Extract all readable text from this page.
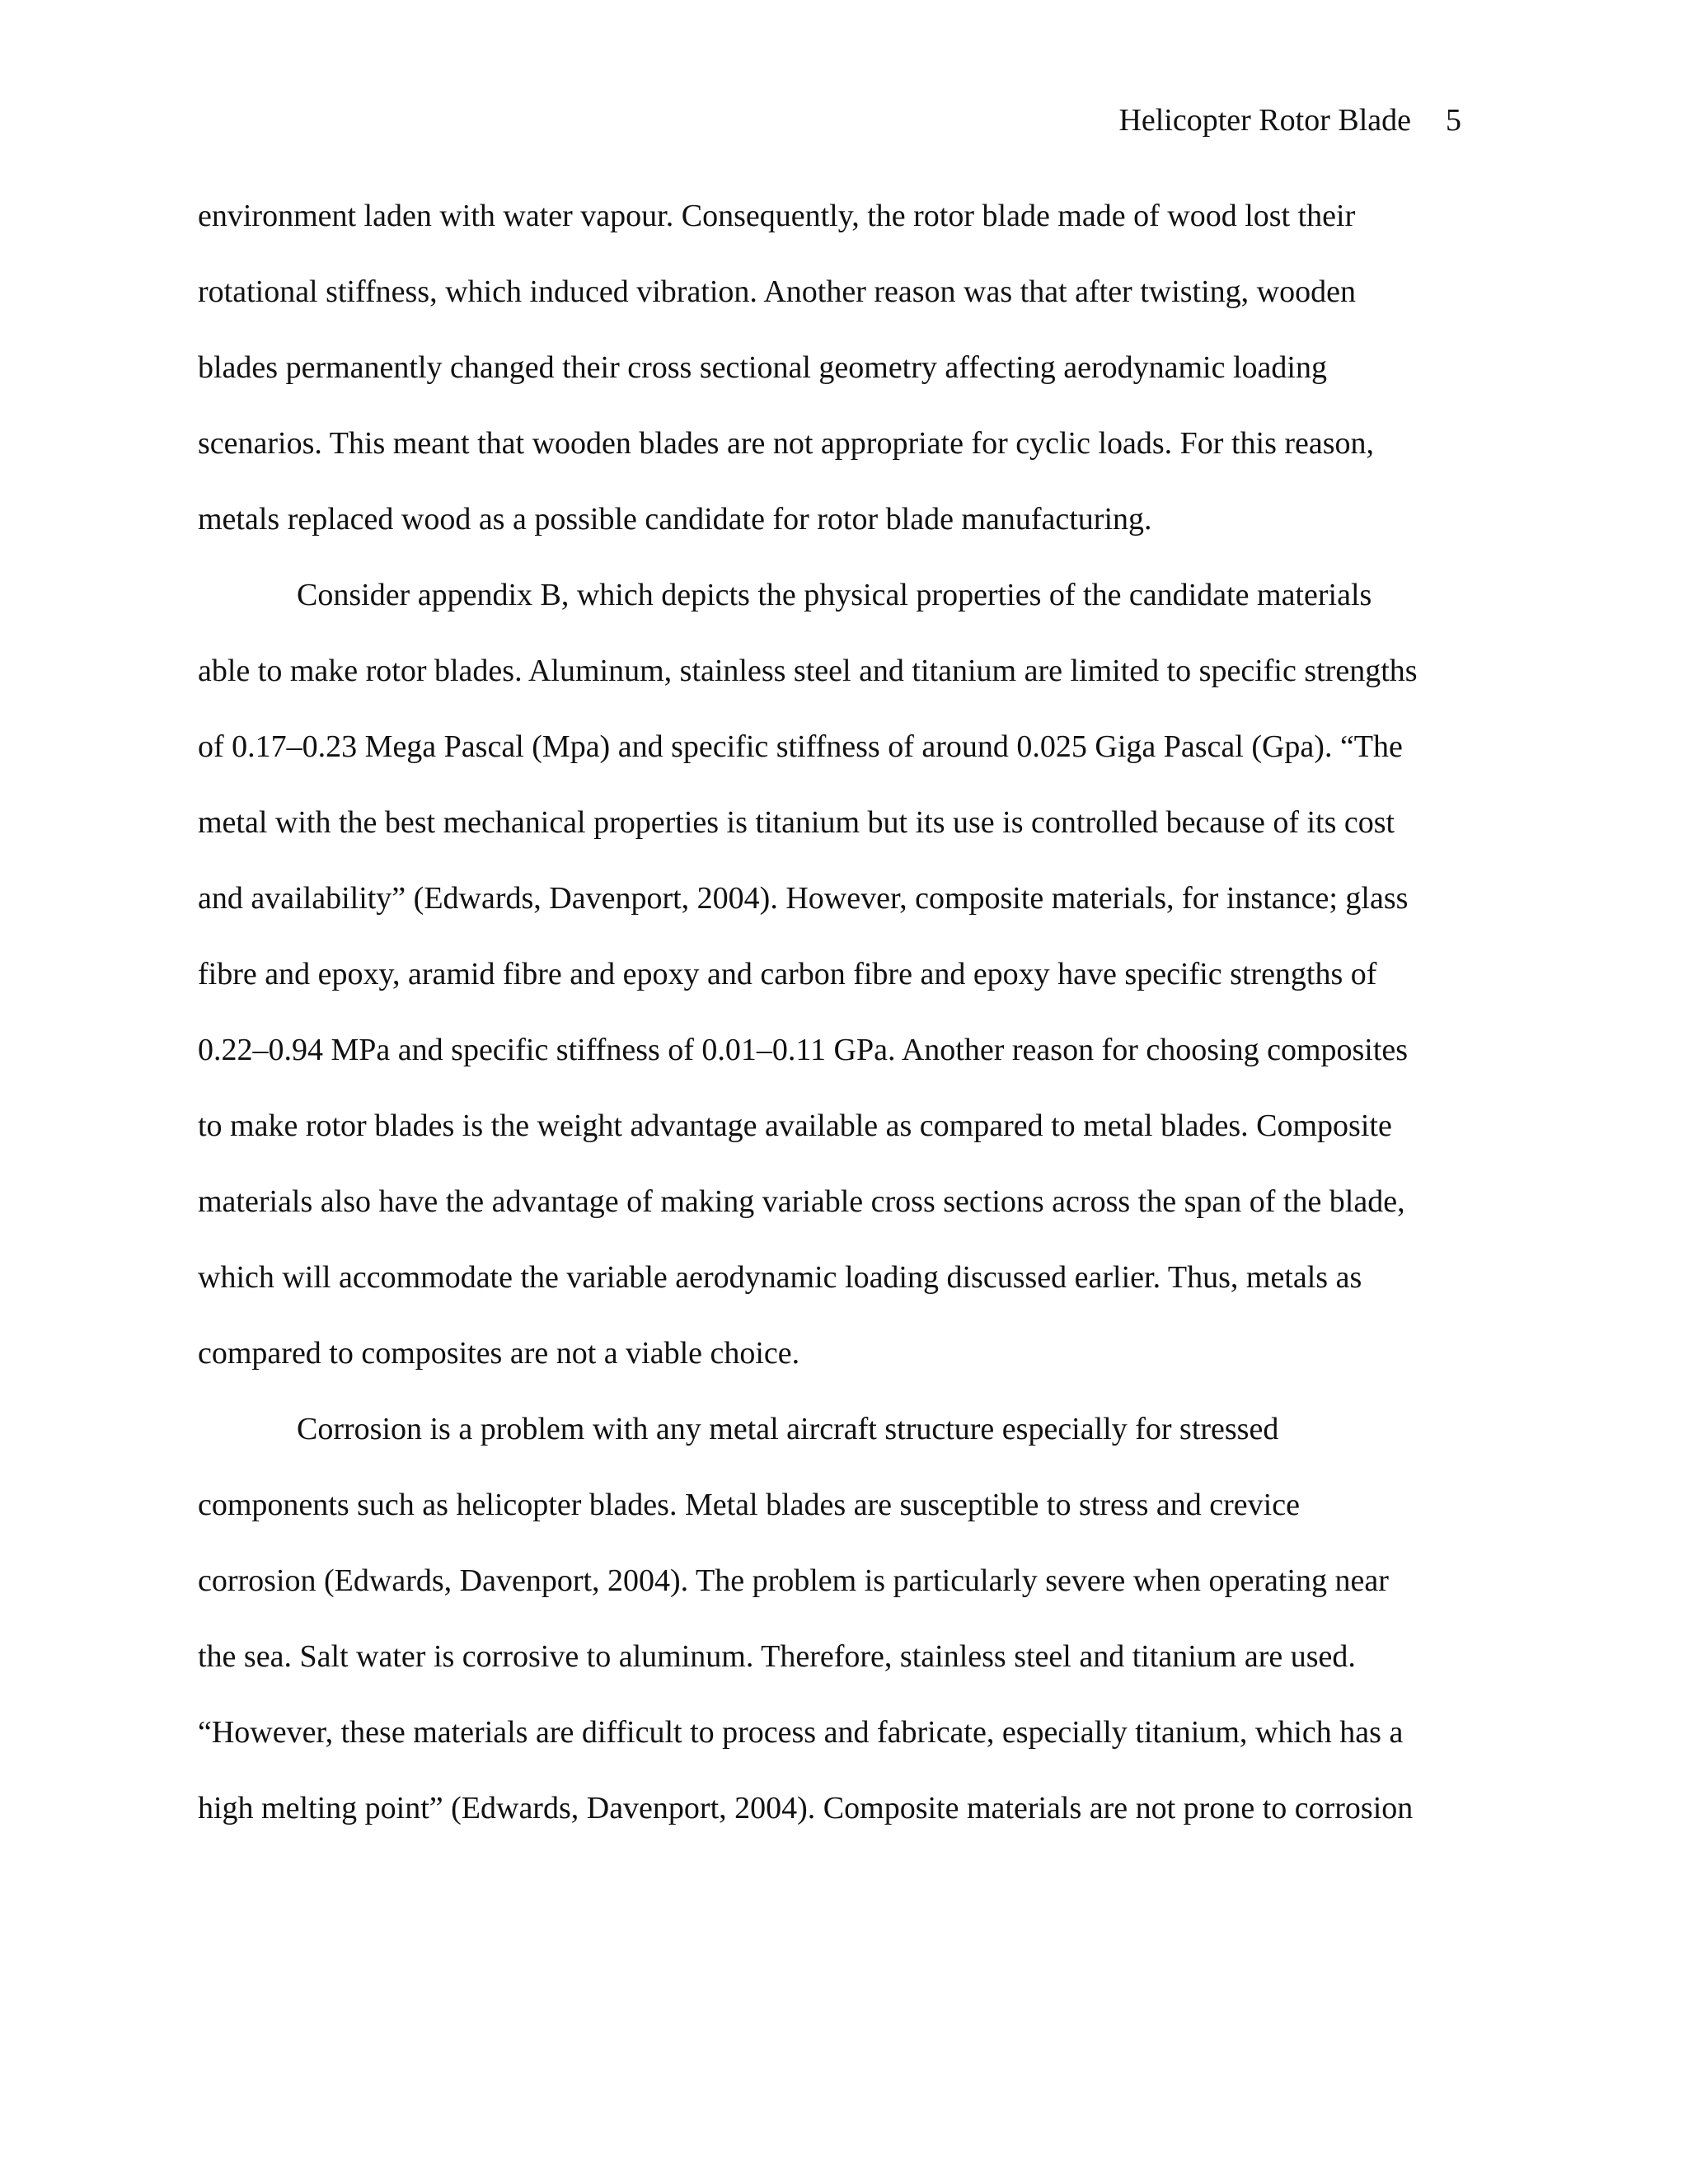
Helicopter Rotor Blade 5
environment laden with water vapour. Consequently, the rotor blade made of wood lost their
rotational stiffness, which induced vibration. Another reason was that after twisting, wooden
blades permanently changed their cross sectional geometry affecting aerodynamic loading
scenarios. This meant that wooden blades are not appropriate for cyclic loads. For this reason,
metals replaced wood as a possible candidate for rotor blade manufacturing.
Consider appendix B, which depicts the physical properties of the candidate materials
able to make rotor blades. Aluminum, stainless steel and titanium are limited to specific strengths
of 0.17–0.23 Mega Pascal (Mpa) and specific stiffness of around 0.025 Giga Pascal (Gpa). “The
metal with the best mechanical properties is titanium but its use is controlled because of its cost
and availability” (Edwards, Davenport, 2004). However, composite materials, for instance; glass
fibre and epoxy, aramid fibre and epoxy and carbon fibre and epoxy have specific strengths of
0.22–0.94 MPa and specific stiffness of 0.01–0.11 GPa. Another reason for choosing composites
to make rotor blades is the weight advantage available as compared to metal blades. Composite
materials also have the advantage of making variable cross sections across the span of the blade,
which will accommodate the variable aerodynamic loading discussed earlier. Thus, metals as
compared to composites are not a viable choice.
Corrosion is a problem with any metal aircraft structure especially for stressed
components such as helicopter blades. Metal blades are susceptible to stress and crevice
corrosion (Edwards, Davenport, 2004). The problem is particularly severe when operating near
the sea. Salt water is corrosive to aluminum. Therefore, stainless steel and titanium are used.
“However, these materials are difficult to process and fabricate, especially titanium, which has a
high melting point” (Edwards, Davenport, 2004). Composite materials are not prone to corrosion
